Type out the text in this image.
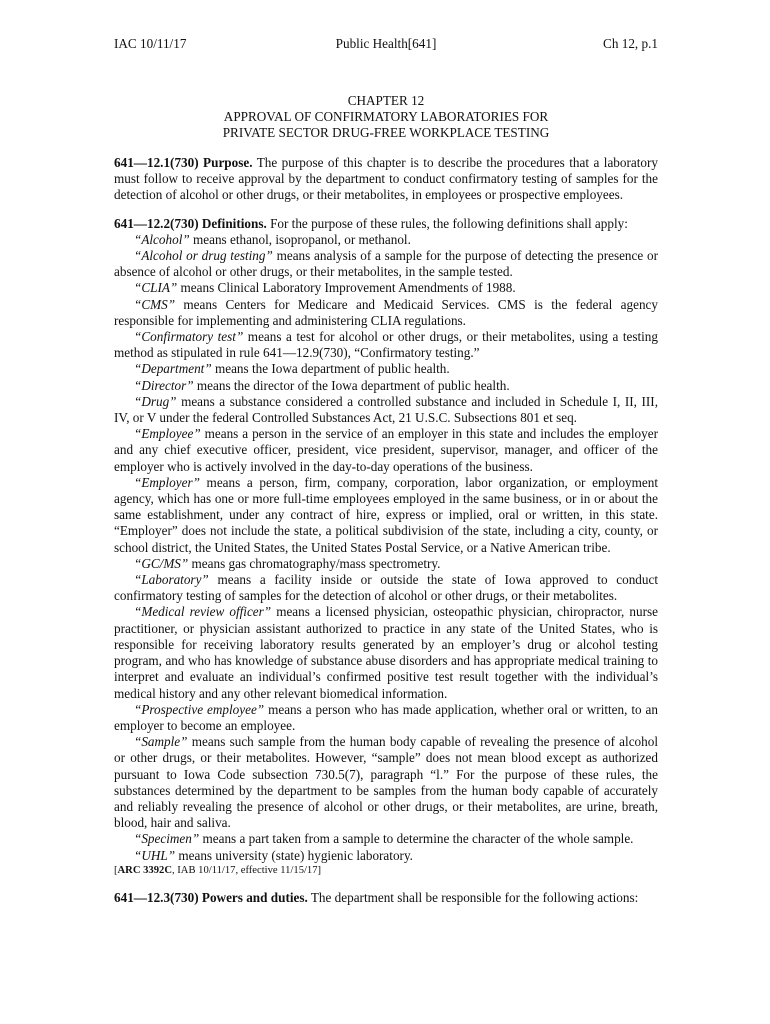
IAC 10/11/17	Public Health[641]	Ch 12, p.1
CHAPTER 12
APPROVAL OF CONFIRMATORY LABORATORIES FOR
PRIVATE SECTOR DRUG-FREE WORKPLACE TESTING

641—12.1(730) Purpose. The purpose of this chapter is to describe the procedures that a laboratory must follow to receive approval by the department to conduct confirmatory testing of samples for the detection of alcohol or other drugs, or their metabolites, in employees or prospective employees.

641—12.2(730) Definitions. For the purpose of these rules, the following definitions shall apply:

“Alcohol” means ethanol, isopropanol, or methanol.

“Alcohol or drug testing” means analysis of a sample for the purpose of detecting the presence or absence of alcohol or other drugs, or their metabolites, in the sample tested.

“CLIA” means Clinical Laboratory Improvement Amendments of 1988.

“CMS” means Centers for Medicare and Medicaid Services. CMS is the federal agency responsible for implementing and administering CLIA regulations.

“Confirmatory test” means a test for alcohol or other drugs, or their metabolites, using a testing method as stipulated in rule 641—12.9(730), “Confirmatory testing.”

“Department” means the Iowa department of public health.

“Director” means the director of the Iowa department of public health.

“Drug” means a substance considered a controlled substance and included in Schedule I, II, III, IV, or V under the federal Controlled Substances Act, 21 U.S.C. Subsections 801 et seq.

“Employee” means a person in the service of an employer in this state and includes the employer and any chief executive officer, president, vice president, supervisor, manager, and officer of the employer who is actively involved in the day-to-day operations of the business.

“Employer” means a person, firm, company, corporation, labor organization, or employment agency, which has one or more full-time employees employed in the same business, or in or about the same establishment, under any contract of hire, express or implied, oral or written, in this state. “Employer” does not include the state, a political subdivision of the state, including a city, county, or school district, the United States, the United States Postal Service, or a Native American tribe.

“GC/MS” means gas chromatography/mass spectrometry.

“Laboratory” means a facility inside or outside the state of Iowa approved to conduct confirmatory testing of samples for the detection of alcohol or other drugs, or their metabolites.

“Medical review officer” means a licensed physician, osteopathic physician, chiropractor, nurse practitioner, or physician assistant authorized to practice in any state of the United States, who is responsible for receiving laboratory results generated by an employer’s drug or alcohol testing program, and who has knowledge of substance abuse disorders and has appropriate medical training to interpret and evaluate an individual’s confirmed positive test result together with the individual’s medical history and any other relevant biomedical information.

“Prospective employee” means a person who has made application, whether oral or written, to an employer to become an employee.

“Sample” means such sample from the human body capable of revealing the presence of alcohol or other drugs, or their metabolites. However, “sample” does not mean blood except as authorized pursuant to Iowa Code subsection 730.5(7), paragraph “l.” For the purpose of these rules, the substances determined by the department to be samples from the human body capable of accurately and reliably revealing the presence of alcohol or other drugs, or their metabolites, are urine, breath, blood, hair and saliva.

“Specimen” means a part taken from a sample to determine the character of the whole sample.

“UHL” means university (state) hygienic laboratory.

[ARC 3392C, IAB 10/11/17, effective 11/15/17]

641—12.3(730) Powers and duties. The department shall be responsible for the following actions:
